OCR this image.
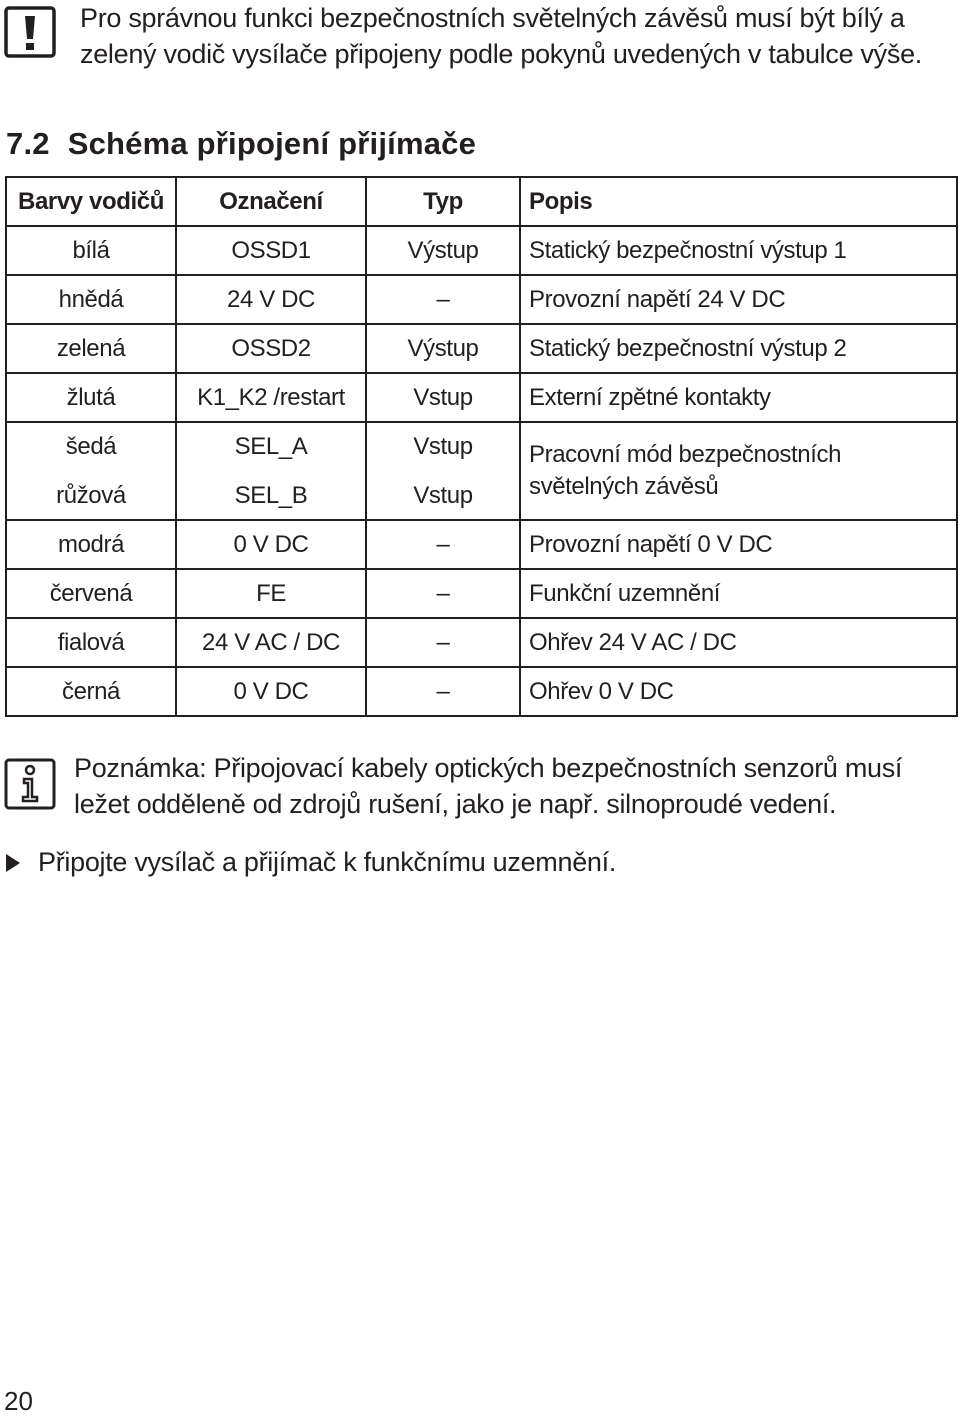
Pro správnou funkci bezpečnostních světelných závěsů musí být bílý a zelený vodič vysílače připojeny podle pokynů uvedených v tabulce výše.
7.2 Schéma připojení přijímače
Barvy vodičů	Označení	Typ	Popis
bílá	OSSD1	Výstup	Statický bezpečnostní výstup 1
hnědá	24 V DC	–	Provozní napětí 24 V DC
zelená	OSSD2	Výstup	Statický bezpečnostní výstup 2
žlutá	K1_K2 /restart	Vstup	Externí zpětné kontakty
šedá	SEL_A	Vstup	Pracovní mód bezpečnostních světelných závěsů
růžová	SEL_B	Vstup	
modrá	0 V DC	–	Provozní napětí 0 V DC
červená	FE	–	Funkční uzemnění
fialová	24 V AC / DC	–	Ohřev 24 V AC / DC
černá	0 V DC	–	Ohřev 0 V DC
Poznámka: Připojovací kabely optických bezpečnostních senzorů musí ležet odděleně od zdrojů rušení, jako je např. silnoproudé vedení.
Připojte vysílač a přijímač k funkčnímu uzemnění.
20
